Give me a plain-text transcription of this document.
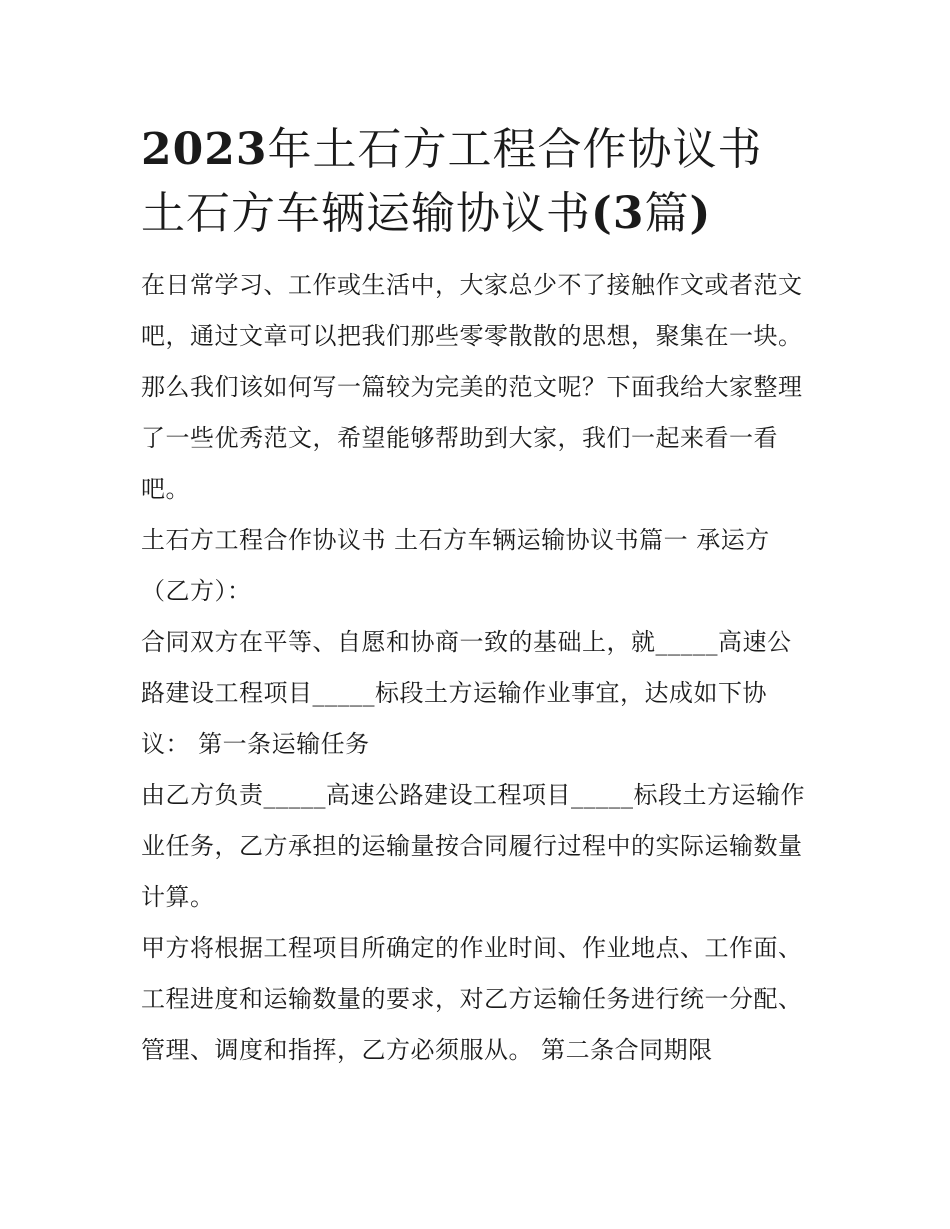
2023年土石方工程合作协议书
土石方车辆运输协议书(3篇)

在日常学习、工作或生活中，大家总少不了接触作文或者范文
吧，通过文章可以把我们那些零零散散的思想，聚集在一块。
那么我们该如何写一篇较为完美的范文呢？下面我给大家整理
了一些优秀范文，希望能够帮助到大家，我们一起来看一看
吧。

土石方工程合作协议书 土石方车辆运输协议书篇一 承运方
（乙方）：

合同双方在平等、自愿和协商一致的基础上，就_____高速公
路建设工程项目_____标段土方运输作业事宜，达成如下协
议： 第一条运输任务

由乙方负责_____高速公路建设工程项目_____标段土方运输作
业任务，乙方承担的运输量按合同履行过程中的实际运输数量
计算。

甲方将根据工程项目所确定的作业时间、作业地点、工作面、
工程进度和运输数量的要求，对乙方运输任务进行统一分配、
管理、调度和指挥，乙方必须服从。 第二条合同期限
